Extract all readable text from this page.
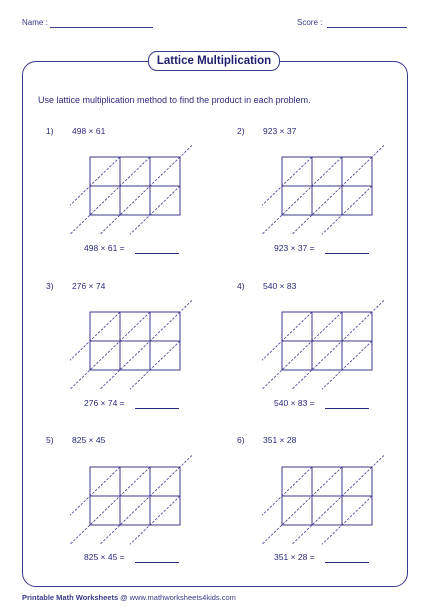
Name :	Score :
Lattice Multiplication
Use lattice multiplication method to find the product in each problem.
1) 498 × 61
498 × 61 =
2) 923 × 37
923 × 37 =
3) 276 × 74
276 × 74 =
4) 540 × 83
540 × 83 =
5) 825 × 45
825 × 45 =
6) 351 × 28
351 × 28 =
Printable Math Worksheets @ www.mathworksheets4kids.com
